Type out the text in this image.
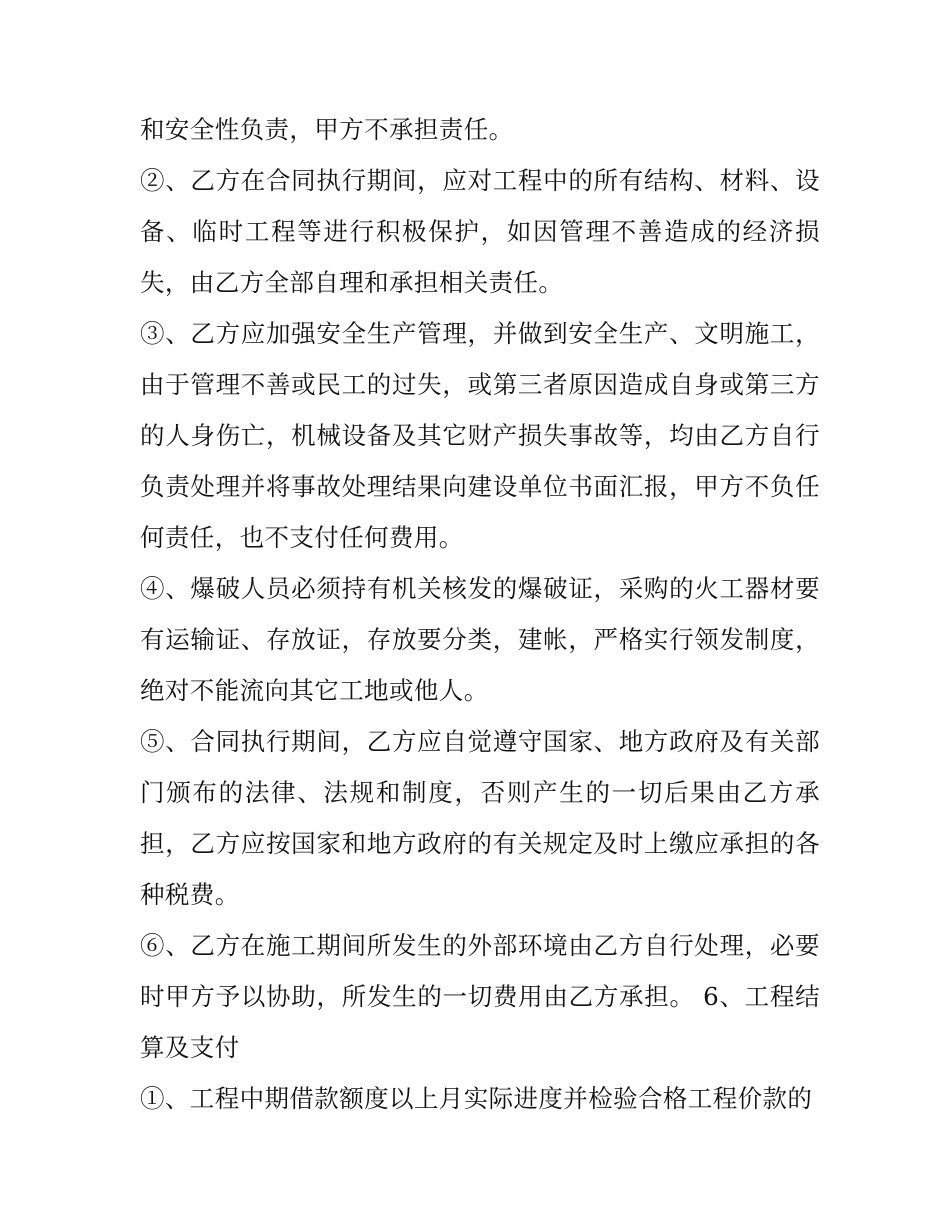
和安全性负责，甲方不承担责任。

②、乙方在合同执行期间，应对工程中的所有结构、材料、设备、临时工程等进行积极保护，如因管理不善造成的经济损失，由乙方全部自理和承担相关责任。

③、乙方应加强安全生产管理，并做到安全生产、文明施工，由于管理不善或民工的过失，或第三者原因造成自身或第三方的人身伤亡，机械设备及其它财产损失事故等，均由乙方自行负责处理并将事故处理结果向建设单位书面汇报，甲方不负任何责任，也不支付任何费用。

④、爆破人员必须持有机关核发的爆破证，采购的火工器材要有运输证、存放证，存放要分类，建帐，严格实行领发制度，绝对不能流向其它工地或他人。

⑤、合同执行期间，乙方应自觉遵守国家、地方政府及有关部门颁布的法律、法规和制度，否则产生的一切后果由乙方承担，乙方应按国家和地方政府的有关规定及时上缴应承担的各种税费。

⑥、乙方在施工期间所发生的外部环境由乙方自行处理，必要时甲方予以协助，所发生的一切费用由乙方承担。 6、工程结算及支付

①、工程中期借款额度以上月实际进度并检验合格工程价款的
